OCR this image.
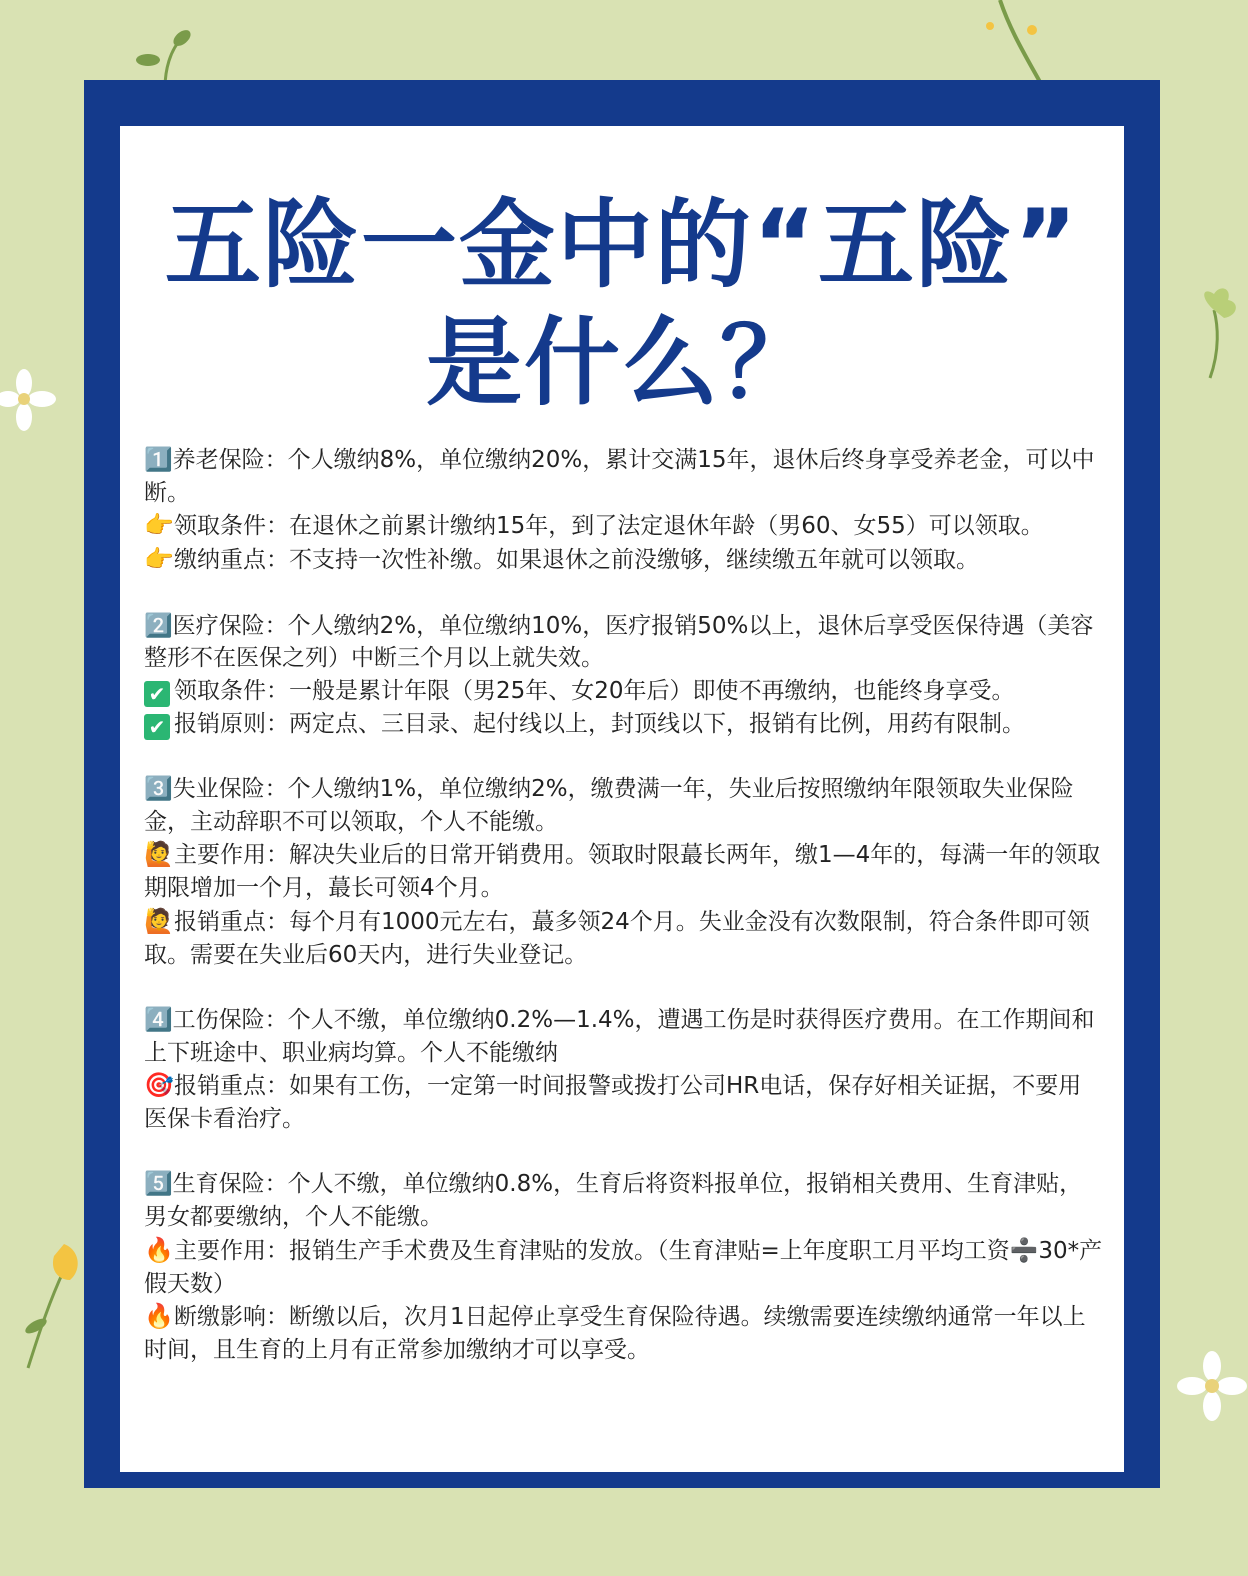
五险一金中的“五险”
是什么？
1️⃣养老保险：个人缴纳8%，单位缴纳20%，累计交满15年，退休后终身享受养老金，可以中断。
👉领取条件：在退休之前累计缴纳15年，到了法定退休年龄（男60、女55）可以领取。
👉缴纳重点：不支持一次性补缴。如果退休之前没缴够，继续缴五年就可以领取。
2️⃣医疗保险：个人缴纳2%，单位缴纳10%，医疗报销50%以上，退休后享受医保待遇（美容整形不在医保之列）中断三个月以上就失效。
✔ 领取条件：一般是累计年限（男25年、女20年后）即使不再缴纳，也能终身享受。
✔ 报销原则：两定点、三目录、起付线以上，封顶线以下，报销有比例，用药有限制。
3️⃣失业保险：个人缴纳1%，单位缴纳2%，缴费满一年，失业后按照缴纳年限领取失业保险金，主动辞职不可以领取，个人不能缴。
🙋主要作用：解决失业后的日常开销费用。领取时限蕞长两年，缴1—4年的，每满一年的领取期限增加一个月，蕞长可领4个月。
🙋报销重点：每个月有1000元左右，蕞多领24个月。失业金没有次数限制，符合条件即可领取。需要在失业后60天内，进行失业登记。
4️⃣工伤保险：个人不缴，单位缴纳0.2%—1.4%，遭遇工伤是时获得医疗费用。在工作期间和上下班途中、职业病均算。个人不能缴纳
🎯报销重点：如果有工伤，一定第一时间报警或拨打公司HR电话，保存好相关证据，不要用医保卡看治疗。
5️⃣生育保险：个人不缴，单位缴纳0.8%，生育后将资料报单位，报销相关费用、生育津贴，男女都要缴纳，个人不能缴。
🔥主要作用：报销生产手术费及生育津贴的发放。（生育津贴=上年度职工月平均工资➗30*产假天数）
🔥断缴影响：断缴以后，次月1日起停止享受生育保险待遇。续缴需要连续缴纳通常一年以上时间，且生育的上月有正常参加缴纳才可以享受。
